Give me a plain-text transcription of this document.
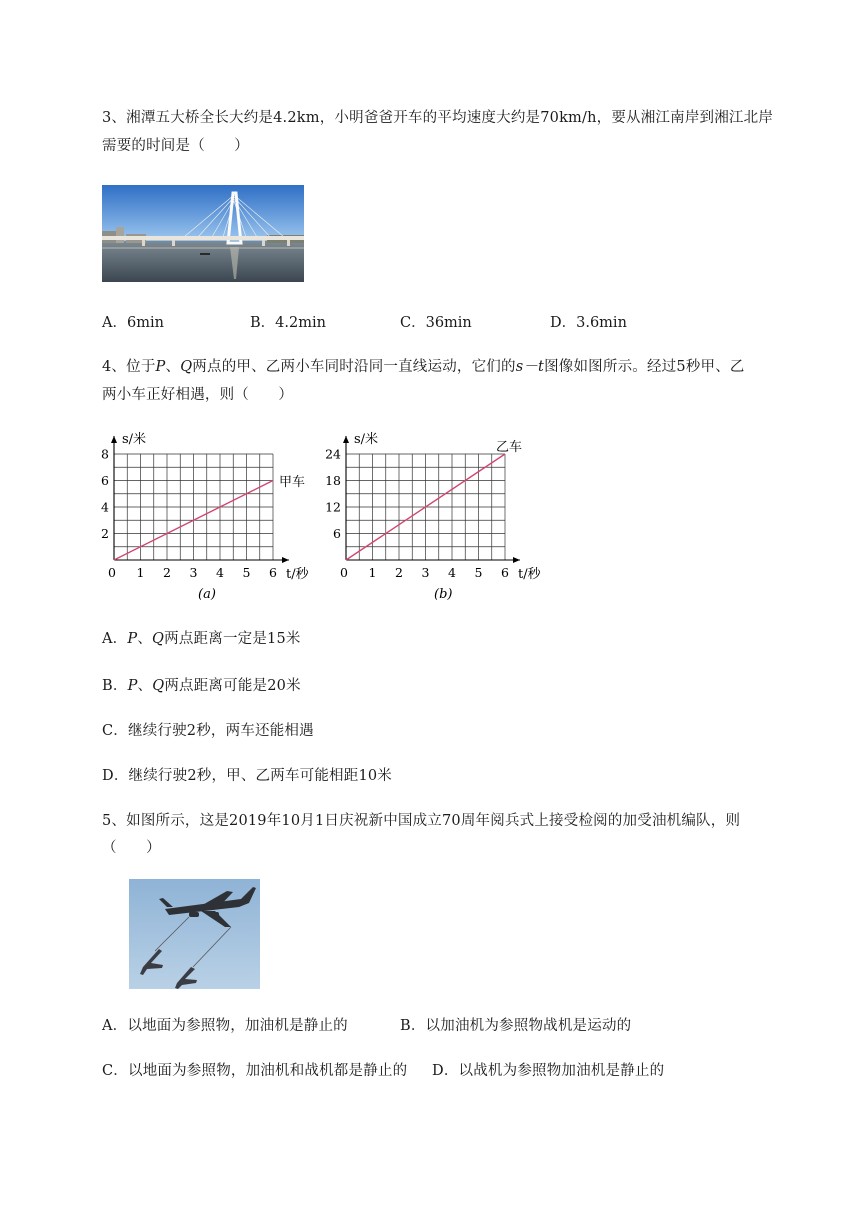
3、湘潭五大桥全长大约是4.2km，小明爸爸开车的平均速度大约是70km/h，要从湘江南岸到湘江北岸
需要的时间是（　　）
A．6min	B．4.2min	C．36min	D．3.6min
4、位于P、Q两点的甲、乙两小车同时沿同一直线运动，它们的s－t图像如图所示。经过5秒甲、乙
两小车正好相遇，则（　　）
2
4
6
8
0 1 2 3 4 5 6
s/米
t/秒
甲车
(a)
6
12
18
24
0 1 2 3 4 5 6
s/米
t/秒
乙车
(b)
A．P、Q两点距离一定是15米
B．P、Q两点距离可能是20米
C．继续行驶2秒，两车还能相遇
D．继续行驶2秒，甲、乙两车可能相距10米
5、如图所示，这是2019年10月1日庆祝新中国成立70周年阅兵式上接受检阅的加受油机编队，则
（　　）
A．以地面为参照物，加油机是静止的	B．以加油机为参照物战机是运动的
C．以地面为参照物，加油机和战机都是静止的 D．以战机为参照物加油机是静止的
